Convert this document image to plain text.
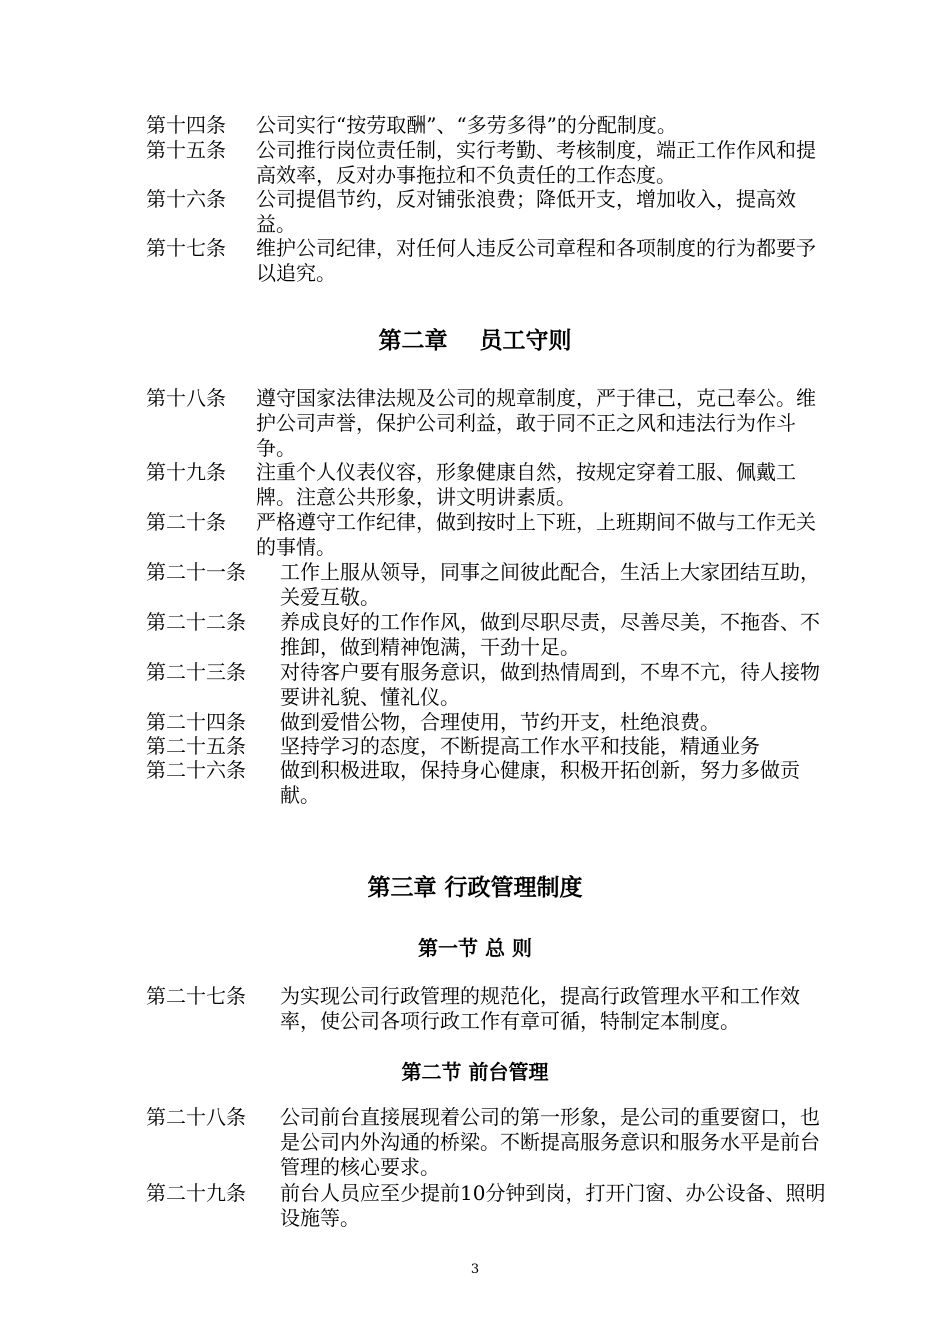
第十四条 公司实行“按劳取酬”、“多劳多得”的分配制度。
第十五条 公司推行岗位责任制，实行考勤、考核制度，端正工作作风和提高效率，反对办事拖拉和不负责任的工作态度。
第十六条 公司提倡节约，反对铺张浪费；降低开支，增加收入，提高效益。
第十七条 维护公司纪律，对任何人违反公司章程和各项制度的行为都要予以追究。
第二章    员工守则
第十八条 遵守国家法律法规及公司的规章制度，严于律己，克己奉公。维护公司声誉，保护公司利益，敢于同不正之风和违法行为作斗争。
第十九条 注重个人仪表仪容，形象健康自然，按规定穿着工服、佩戴工牌。注意公共形象，讲文明讲素质。
第二十条 严格遵守工作纪律，做到按时上下班，上班期间不做与工作无关的事情。
第二十一条 工作上服从领导，同事之间彼此配合，生活上大家团结互助，关爱互敬。
第二十二条 养成良好的工作作风，做到尽职尽责，尽善尽美，不拖沓、不推卸，做到精神饱满，干劲十足。
第二十三条 对待客户要有服务意识，做到热情周到，不卑不亢，待人接物要讲礼貌、懂礼仪。
第二十四条 做到爱惜公物，合理使用，节约开支，杜绝浪费。
第二十五条 坚持学习的态度，不断提高工作水平和技能，精通业务
第二十六条 做到积极进取，保持身心健康，积极开拓创新，努力多做贡献。
第三章 行政管理制度
第一节 总 则
第二十七条 为实现公司行政管理的规范化，提高行政管理水平和工作效率，使公司各项行政工作有章可循，特制定本制度。
第二节 前台管理
第二十八条 公司前台直接展现着公司的第一形象，是公司的重要窗口，也是公司内外沟通的桥梁。不断提高服务意识和服务水平是前台管理的核心要求。
第二十九条 前台人员应至少提前10分钟到岗，打开门窗、办公设备、照明设施等。
3
